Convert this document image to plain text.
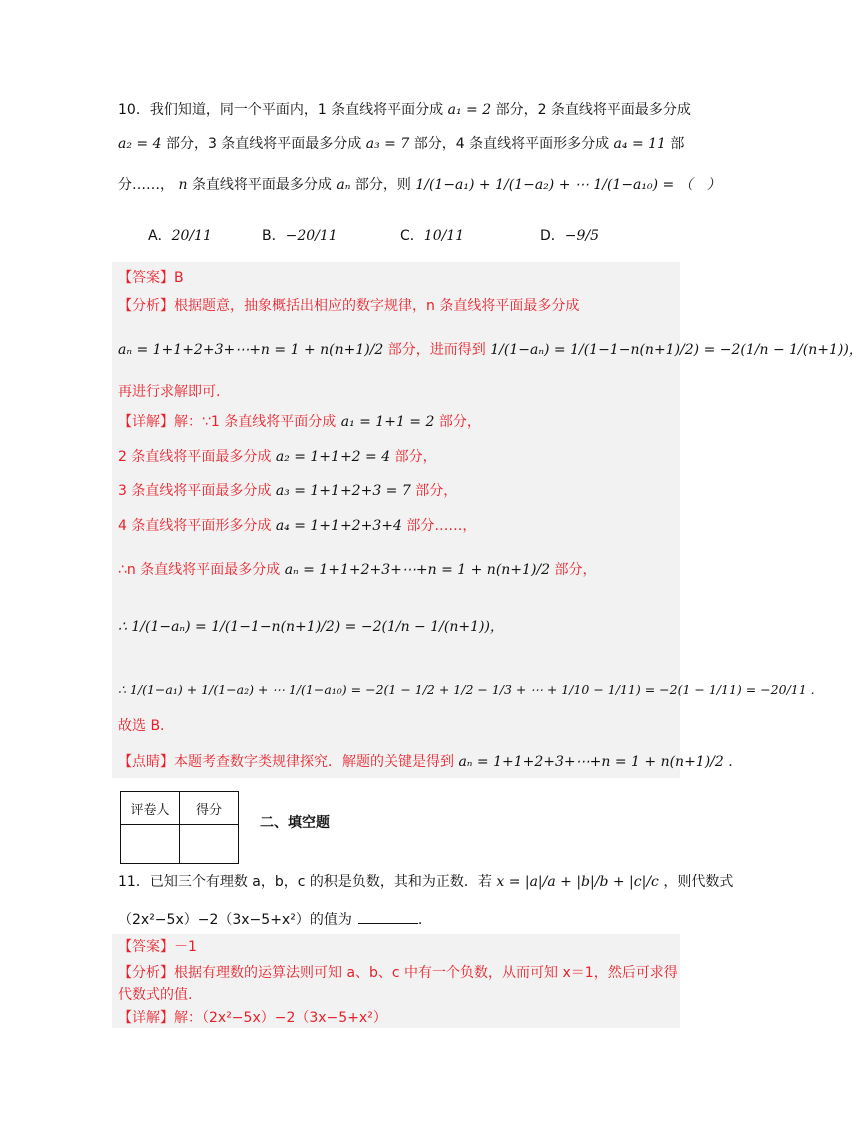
10．我们知道，同一个平面内，1 条直线将平面分成 a₁ = 2 部分，2 条直线将平面最多分成
a₂ = 4 部分，3 条直线将平面最多分成 a₃ = 7 部分，4 条直线将平面形多分成 a₄ = 11 部
分……， n 条直线将平面最多分成 aₙ 部分，则 1/(1−a₁) + 1/(1−a₂) + ⋯ 1/(1−a₁₀) = （　）
A．20/11	B．−20/11	C．10/11	D．−9/5
【答案】B
【分析】根据题意，抽象概括出相应的数字规律，n 条直线将平面最多分成
aₙ = 1+1+2+3+⋯+n = 1 + n(n+1)/2 部分，进而得到 1/(1−aₙ) = 1/(1−1−n(n+1)/2) = −2(1/n − 1/(n+1))，
再进行求解即可.
【详解】解：∵1 条直线将平面分成 a₁ = 1+1 = 2 部分，
2 条直线将平面最多分成 a₂ = 1+1+2 = 4 部分，
3 条直线将平面最多分成 a₃ = 1+1+2+3 = 7 部分，
4 条直线将平面形多分成 a₄ = 1+1+2+3+4 部分……，
∴n 条直线将平面最多分成 aₙ = 1+1+2+3+⋯+n = 1 + n(n+1)/2 部分，
∴ 1/(1−aₙ) = 1/(1−1−n(n+1)/2) = −2(1/n − 1/(n+1))，
∴ 1/(1−a₁) + 1/(1−a₂) + ⋯ 1/(1−a₁₀) = −2(1 − 1/2 + 1/2 − 1/3 + ⋯ + 1/10 − 1/11) = −2(1 − 1/11) = −20/11 .
故选 B.
【点睛】本题考查数字类规律探究．解题的关键是得到 aₙ = 1+1+2+3+⋯+n = 1 + n(n+1)/2 .
评卷人	得分

二、填空题
11．已知三个有理数 a，b，c 的积是负数，其和为正数．若 x = |a|/a + |b|/b + |c|/c ，则代数式
（2x²−5x）−2（3x−5+x²）的值为	.
【答案】－1
【分析】根据有理数的运算法则可知 a、b、c 中有一个负数，从而可知 x＝1，然后可求得
代数式的值.
【详解】解：（2x²−5x）−2（3x−5+x²）
